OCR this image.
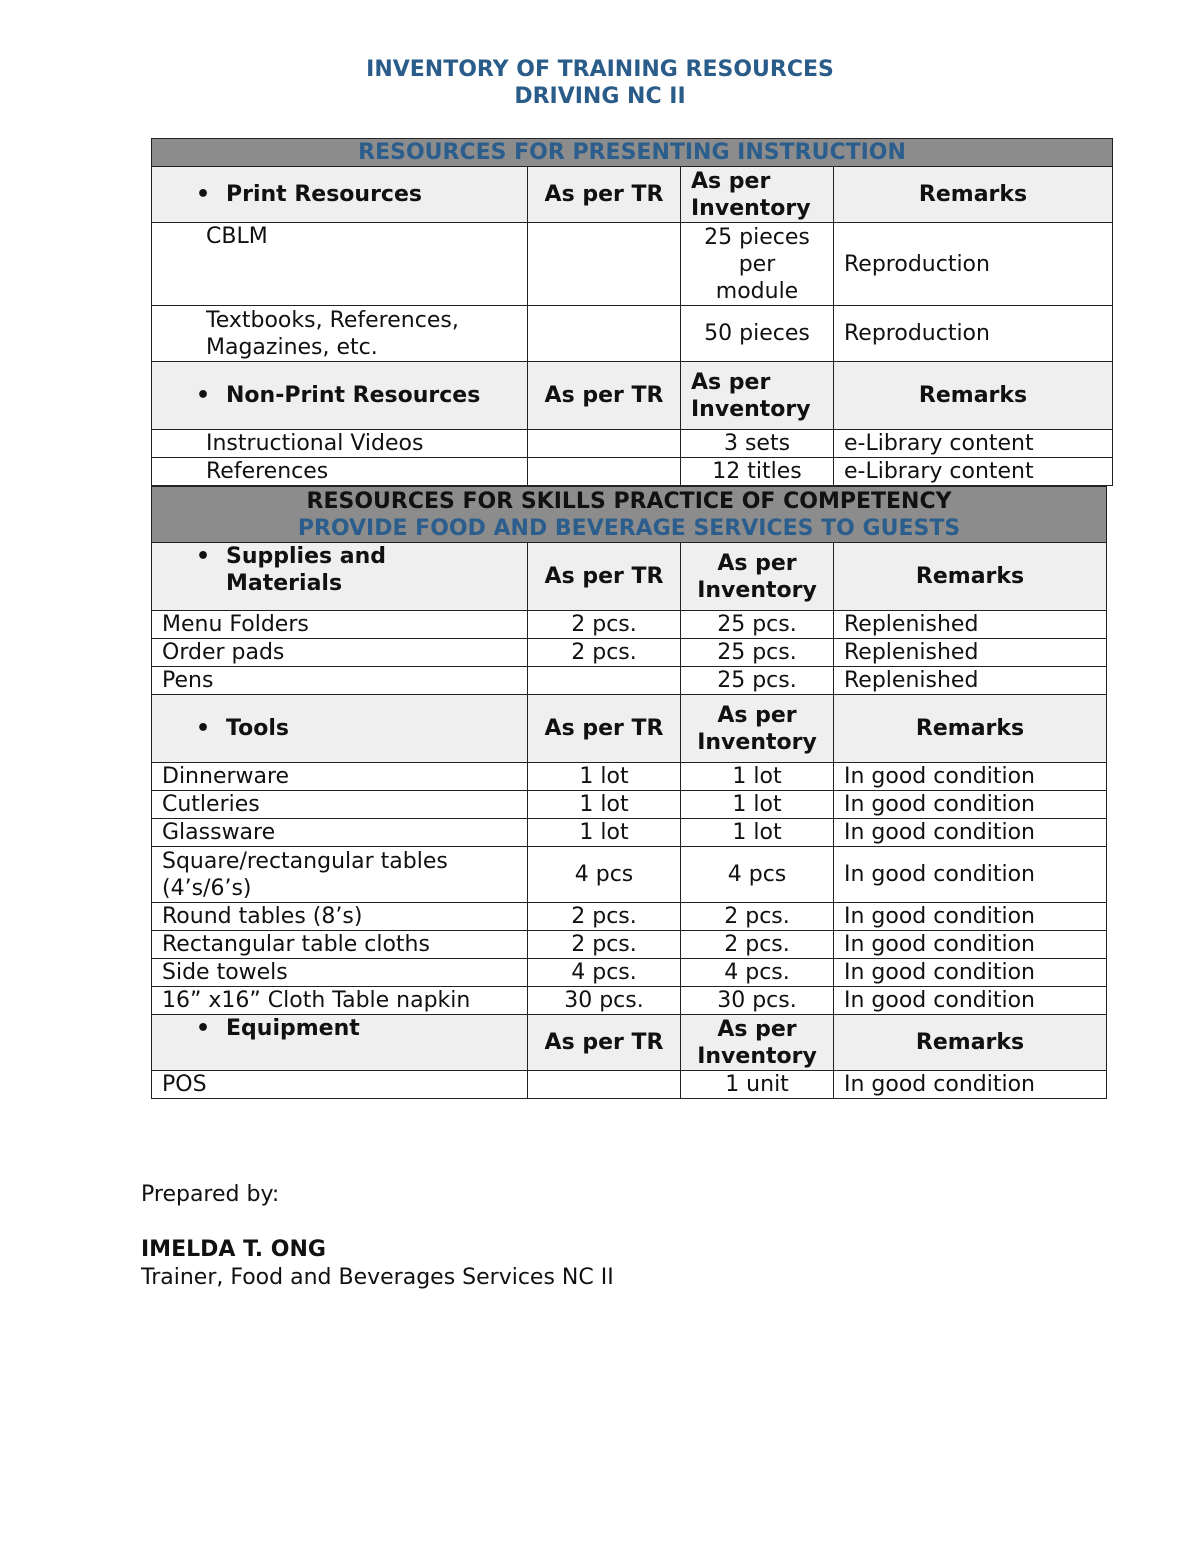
INVENTORY OF TRAINING RESOURCES
DRIVING NC II
RESOURCES FOR PRESENTING INSTRUCTION			
• Print Resources	As per TR	As per Inventory	Remarks
CBLM		25 pieces per module	Reproduction
Textbooks, References, Magazines, etc.		50 pieces	Reproduction
• Non-Print Resources	As per TR	As per Inventory	Remarks
Instructional Videos		3 sets	e-Library content
References		12 titles	e-Library content
RESOURCES FOR SKILLS PRACTICE OF COMPETENCY
PROVIDE FOOD AND BEVERAGE SERVICES TO GUESTS			

• Supplies and Materials	As per TR	As per Inventory	Remarks
Menu Folders	2 pcs.	25 pcs.	Replenished
Order pads	2 pcs.	25 pcs.	Replenished
Pens		25 pcs.	Replenished
• Tools	As per TR	As per Inventory	Remarks
Dinnerware	1 lot	1 lot	In good condition
Cutleries	1 lot	1 lot	In good condition
Glassware	1 lot	1 lot	In good condition
Square/rectangular tables (4’s/6’s)	4 pcs	4 pcs	In good condition
Round tables (8’s)	2 pcs.	2 pcs.	In good condition
Rectangular table cloths	2 pcs.	2 pcs.	In good condition
Side towels	4 pcs.	4 pcs.	In good condition
16” x16” Cloth Table napkin	30 pcs.	30 pcs.	In good condition
• Equipment	As per TR	As per Inventory	Remarks
POS		1 unit	In good condition
Prepared by:
IMELDA T. ONG
Trainer, Food and Beverages Services NC II
